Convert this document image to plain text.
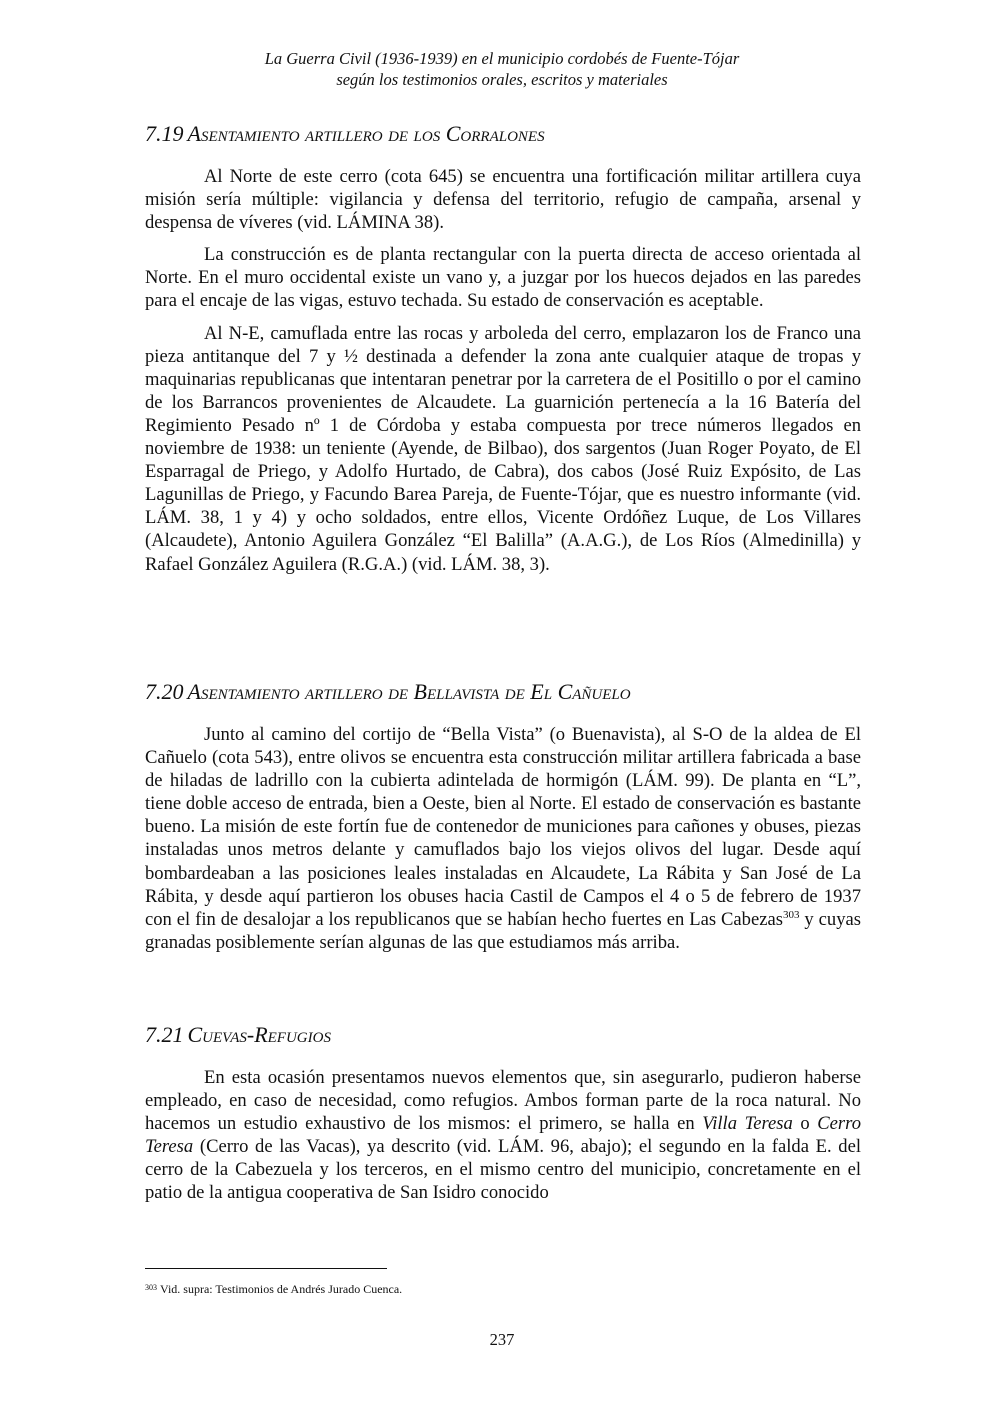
La Guerra Civil (1936-1939) en el municipio cordobés de Fuente-Tójar
según los testimonios orales, escritos y materiales
7.19 Asentamiento artillero de los Corralones

Al Norte de este cerro (cota 645) se encuentra una fortificación militar artillera cuya misión sería múltiple: vigilancia y defensa del territorio, refugio de campaña, arsenal y despensa de víveres (vid. LÁMINA 38).

La construcción es de planta rectangular con la puerta directa de acceso orientada al Norte. En el muro occidental existe un vano y, a juzgar por los huecos dejados en las paredes para el encaje de las vigas, estuvo techada. Su estado de conservación es aceptable.

Al N-E, camuflada entre las rocas y arboleda del cerro, emplazaron los de Franco una pieza antitanque del 7 y ½ destinada a defender la zona ante cualquier ataque de tropas y maquinarias republicanas que intentaran penetrar por la carretera de el Positillo o por el camino de los Barrancos provenientes de Alcaudete. La guarnición pertenecía a la 16 Batería del Regimiento Pesado nº 1 de Córdoba y estaba compuesta por trece números llegados en noviembre de 1938: un teniente (Ayende, de Bilbao), dos sargentos (Juan Roger Poyato, de El Esparragal de Priego, y Adolfo Hurtado, de Cabra), dos cabos (José Ruiz Expósito, de Las Lagunillas de Priego, y Facundo Barea Pareja, de Fuente-Tójar, que es nuestro informante (vid. LÁM. 38, 1 y 4) y ocho soldados, entre ellos, Vicente Ordóñez Luque, de Los Villares (Alcaudete), Antonio Aguilera González “El Balilla” (A.A.G.), de Los Ríos (Almedinilla) y Rafael González Aguilera (R.G.A.) (vid. LÁM. 38, 3).

7.20 Asentamiento artillero de Bellavista de El Cañuelo

Junto al camino del cortijo de “Bella Vista” (o Buenavista), al S-O de la aldea de El Cañuelo (cota 543), entre olivos se encuentra esta construcción militar artillera fabricada a base de hiladas de ladrillo con la cubierta adintelada de hormigón (LÁM. 99). De planta en “L”, tiene doble acceso de entrada, bien a Oeste, bien al Norte. El estado de conservación es bastante bueno. La misión de este fortín fue de contenedor de municiones para cañones y obuses, piezas instaladas unos metros delante y camuflados bajo los viejos olivos del lugar. Desde aquí bombardeaban a las posiciones leales instaladas en Alcaudete, La Rábita y San José de La Rábita, y desde aquí partieron los obuses hacia Castil de Campos el 4 o 5 de febrero de 1937 con el fin de desalojar a los republicanos que se habían hecho fuertes en Las Cabezas$^{303}$ y cuyas granadas posiblemente serían algunas de las que estudiamos más arriba.

7.21 Cuevas-Refugios

En esta ocasión presentamos nuevos elementos que, sin asegurarlo, pudieron haberse empleado, en caso de necesidad, como refugios. Ambos forman parte de la roca natural. No hacemos un estudio exhaustivo de los mismos: el primero, se halla en Villa Teresa o Cerro Teresa (Cerro de las Vacas), ya descrito (vid. LÁM. 96, abajo); el segundo en la falda E. del cerro de la Cabezuela y los terceros, en el mismo centro del municipio, concretamente en el patio de la antigua cooperativa de San Isidro conocido

$^{303}$ Vid. supra: Testimonios de Andrés Jurado Cuenca.
237
